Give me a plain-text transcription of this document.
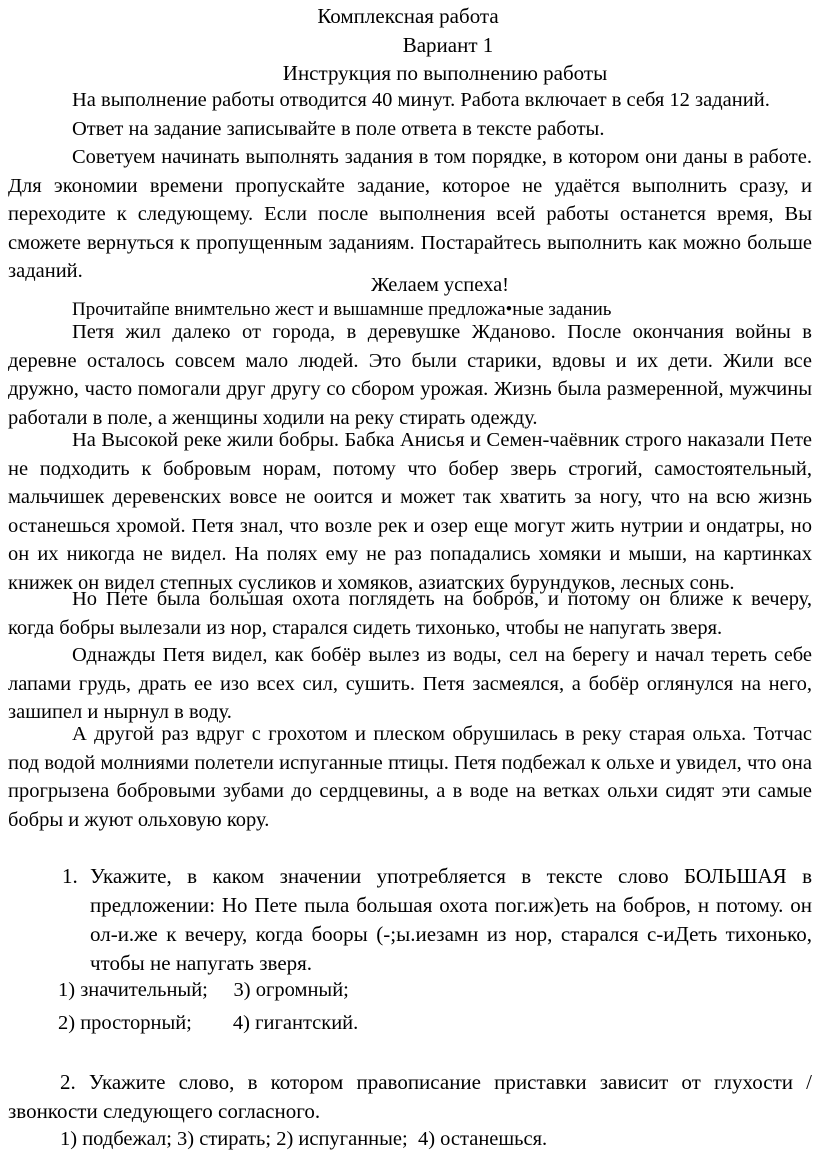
Комплексная работа
Вариант 1
Инструкция по выполнению работы
На выполнение работы отводится 40 минут. Работа включает в себя 12 заданий.
Ответ на задание записывайте в поле ответа в тексте работы.
Советуем начинать выполнять задания в том порядке, в котором они даны в работе. Для экономии времени пропускайте задание, которое не удаётся выполнить сразу, и переходите к следующему. Если после выполнения всей работы останется время, Вы сможете вернуться к пропущенным заданиям. Постарайтесь выполнить как можно больше заданий.
Желаем успеха!
Прочитайпе внимтельно жест и вышамнше предложа•ные заданиь
Петя жил далеко от города, в деревушке Жданово. После окончания войны в деревне осталось совсем мало людей. Это были старики, вдовы и их дети. Жили все дружно, часто помогали друг другу со сбором урожая. Жизнь была размеренной, мужчины работали в поле, а женщины ходили на реку стирать одежду.
На Высокой реке жили бобры. Бабка Анисья и Семен-чаёвник строго наказали Пете не подходить к бобровым норам, потому что бобер зверь строгий, самостоятельный, мальчишек деревенских вовсе не ооится и может так хватить за ногу, что на всю жизнь останешься хромой. Петя знал, что возле рек и озер еще могут жить нутрии и ондатры, но он их никогда не видел. На полях ему не раз попадались хомяки и мыши, на картинках книжек он видел степных сусликов и хомяков, азиатских бурундуков, лесных сонь.
Но Пете была большая охота поглядеть на бобров, и потому он ближе к вечеру, когда бобры вылезали из нор, старался сидеть тихонько, чтобы не напугать зверя.
Однажды Петя видел, как бобёр вылез из воды, сел на берегу и начал тереть себе лапами грудь, драть ее изо всех сил, сушить. Петя засмеялся, а бобёр оглянулся на него, зашипел и нырнул в воду.
А другой раз вдруг с грохотом и плеском обрушилась в реку старая ольха. Тотчас под водой молниями полетели испуганные птицы. Петя подбежал к ольхе и увидел, что она прогрызена бобровыми зубами до сердцевины, а в воде на ветках ольхи сидят эти самые бобры и жуют ольховую кору.
1. Укажите, в каком значении употребляется в тексте слово БОЛЬШАЯ в предложении: Но Пете пыла большая охота пог.иж)еть на бобров, н потому. он ол-и.же к вечеру, когда бооры (-;ы.иезамн из нор, старался с-иДеть тихонько, чтобы не напугать зверя.
1) значительный;     3) огромный;
2) просторный;        4) гигантский.
2. Укажите слово, в котором правописание приставки зависит от глухости / звонкости следующего согласного.
1) подбежал; 3) стирать; 2) испуганные;  4) останешься.
